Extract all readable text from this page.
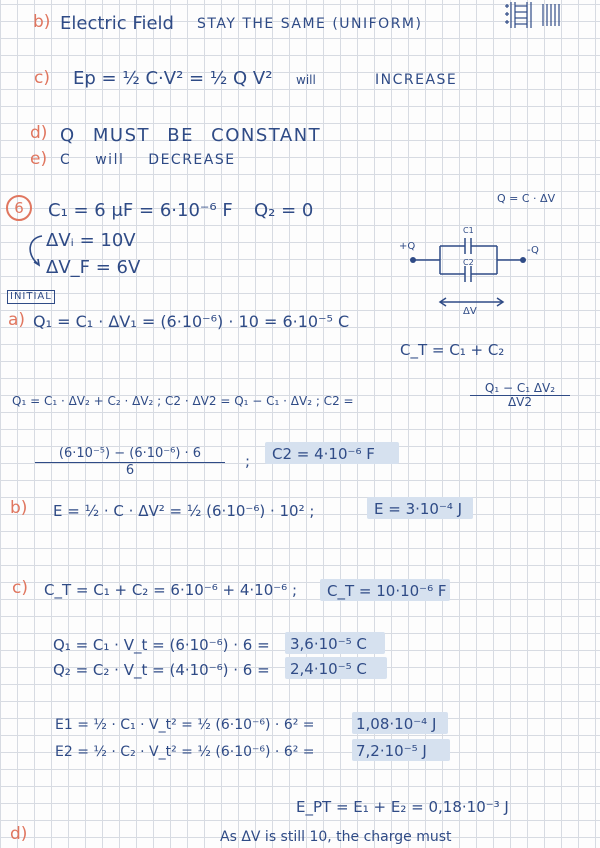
b) Electric Field STAY THE SAME (UNIFORM)
c) Ep = ½ C·V² = ½ Q V² will	INCREASE
d) Q MUST BE CONSTANT
e) C will DECREASE
6	C₁ = 6 μF = 6·10⁻⁶ F Q₂ = 0
Q = C · ΔV
ΔVᵢ = 10V
ΔV_F = 6V
C1
C2
+Q	-Q
ΔV
INITIAL
a) Q₁ = C₁ · ΔV₁ = (6·10⁻⁶) · 10 = 6·10⁻⁵ C
C_T = C₁ + C₂
Q₁ = C₁ · ΔV₂ + C₂ · ΔV₂ ; C2 · ΔV2 = Q₁ − C₁ · ΔV₂ ; C2 =	$\frac{\text{Q₁ − C₁ ΔV₂}}{\Delta V2}$
$\frac{\text{(6·10⁻⁵) − (6·10⁻⁶) · 6}}{6}$ ; C2 = 4·10⁻⁶ F
b) E = ½ · C · ΔV² = ½ (6·10⁻⁶) · 10² ;	E = 3·10⁻⁴ J
c) C_T = C₁ + C₂ = 6·10⁻⁶ + 4·10⁻⁶ ; C_T = 10·10⁻⁶ F
Q₁ = C₁ · V_t = (6·10⁻⁶) · 6 = 3,6·10⁻⁵ C
Q₂ = C₂ · V_t = (4·10⁻⁶) · 6 = 2,4·10⁻⁵ C
E1 = ½ · C₁ · V_t² = ½ (6·10⁻⁶) · 6² =	1,08·10⁻⁴ J
E2 = ½ · C₂ · V_t² = ½ (6·10⁻⁶) · 6² =	7,2·10⁻⁵ J
E_PT = E₁ + E₂ = 0,18·10⁻³ J
d)	As ΔV is still 10, the charge must
